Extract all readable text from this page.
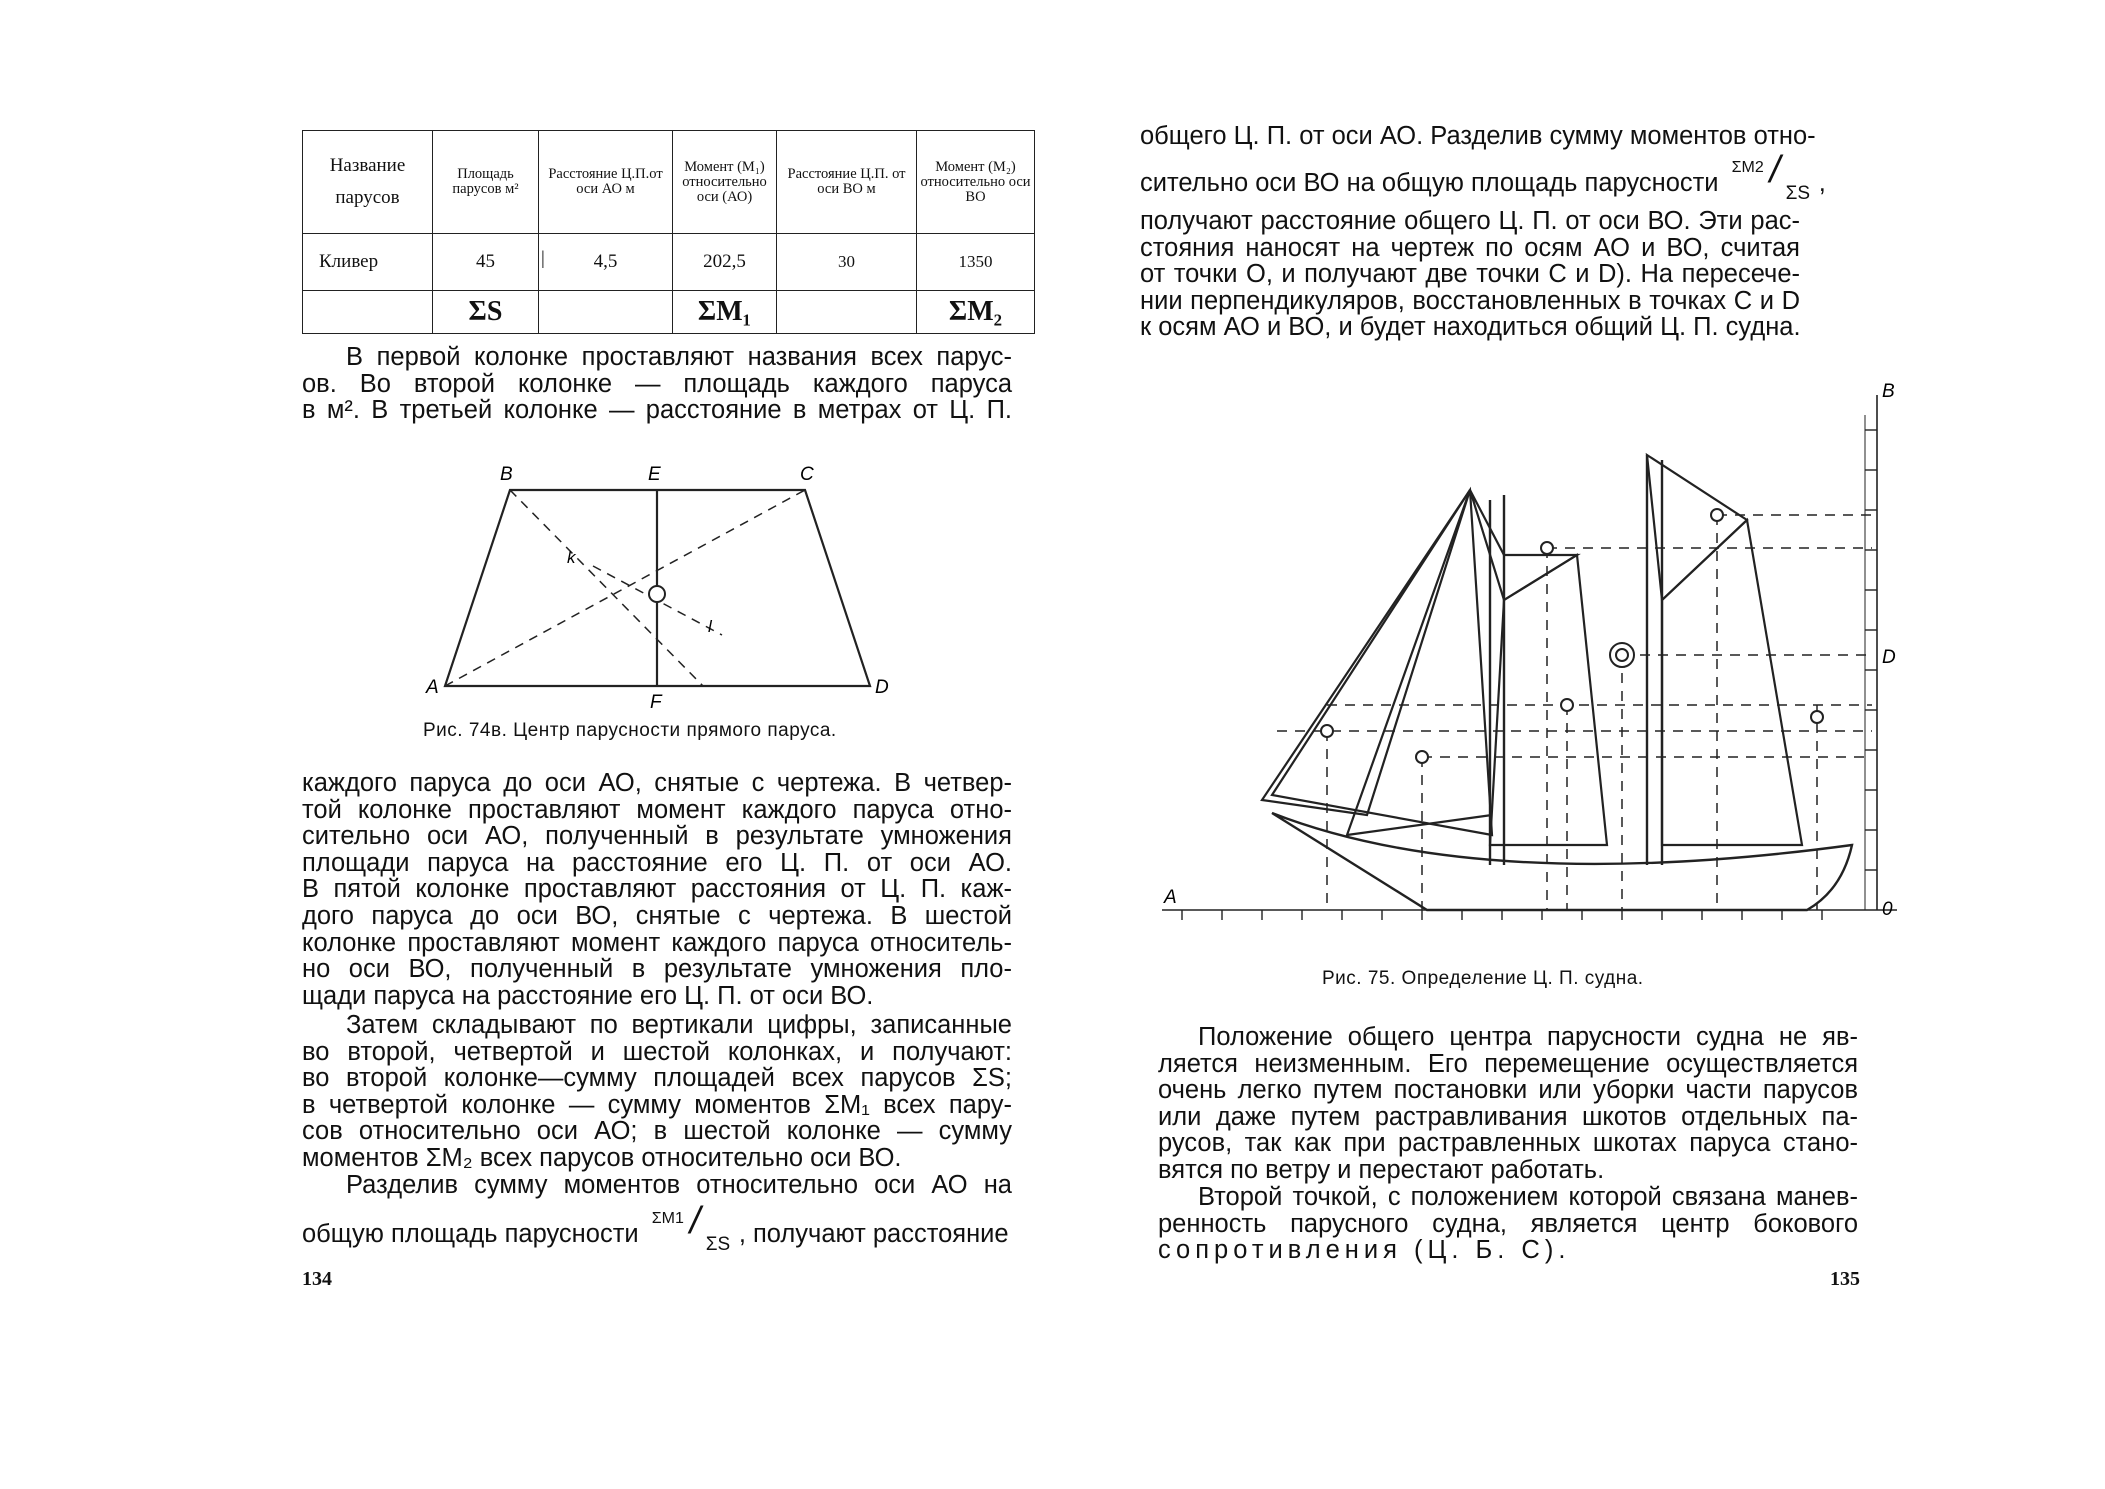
Название парусов	Площадь парусов м²	Расстояние Ц.П.от оси АО м	Момент (M₁) относительно оси (АО)	Расстояние Ц.П. от оси ВО м	Момент (M₂) относительно оси ВО
Кливер	45	| 4,5	202,5	30	1350
	ΣS		ΣM₁		ΣM₂
В первой колонке проставляют названия всех парус-
ов. Во второй колонке — площадь каждого паруса
в м². В третьей колонке — расстояние в метрах от Ц. П.
B	E	C
k
l
A
F
D
Рис. 74в. Центр парусности прямого паруса.
каждого паруса до оси АО, снятые с чертежа. В четвер-
той колонке проставляют момент каждого паруса отно-
сительно оси АО, полученный в результате умножения
площади паруса на расстояние его Ц. П. от оси АО.
В пятой колонке проставляют расстояния от Ц. П. каж-
дого паруса до оси ВО, снятые с чертежа. В шестой
колонке проставляют момент каждого паруса относитель-
но оси ВО, полученный в результате умножения пло-
щади паруса на расстояние его Ц. П. от оси ВО.
Затем складывают по вертикали цифры, записанные
во второй, четвертой и шестой колонках, и получают:
во второй колонке—сумму площадей всех парусов ΣS;
в четвертой колонке — сумму моментов ΣM₁ всех пару-
сов относительно оси АО; в шестой колонке — сумму
моментов ΣM₂ всех парусов относительно оси ВО.
Разделив сумму моментов относительно оси АО на
общую площадь парусности
ΣM1 /
ΣS , получают расстояние
134
общего Ц. П. от оси АО. Разделив сумму моментов отно-
сительно оси ВО на общую площадь парусности
ΣM2 /
ΣS ,
получают расстояние общего Ц. П. от оси ВО. Эти рас-
стояния наносят на чертеж по осям АО и ВО, считая
от точки О, и получают две точки С и D). На пересече-
нии перпендикуляров, восстановленных в точках С и D
к осям АО и ВО, и будет находиться общий Ц. П. судна.
B
D
A
0
Рис. 75. Определение Ц. П. судна.
Положение общего центра парусности судна не яв-
ляется неизменным. Его перемещение осуществляется
очень легко путем постановки или уборки части парусов
или даже путем растравливания шкотов отдельных па-
русов, так как при растравленных шкотах паруса стано-
вятся по ветру и перестают работать.
Второй точкой, с положением которой связана манев-
ренность парусного судна, является центр бокового
сопротивления (Ц. Б. С).
135
